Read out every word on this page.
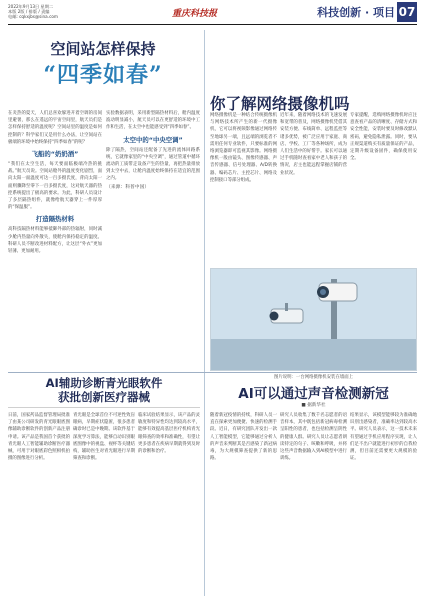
2022年9月13日 星期二
本版 2版 / 排版 / 责编
电邮: cqkxjbs@sina.com	重庆科技报	科技创新 · 项目 07
空间站怎样保持
“四季如春”

在炎热的夏天，人们总喜欢躲进开着空调的房间里避暑，那么在遥远的宇宙空间里，航天员们是怎样保持舒适的温度呢？空间站里的温度是如何控制的？科学家们又是用什么办法，让空间站在极端的环境中始终保持“四季如春”的呢？

飞船的“奶奶酒”

“我们在太空生活，每天要面临极端冷热的挑战。”航天员说。空间站舱外的温度变化剧烈，面向太阳一面温度可达一百多摄氏度，背向太阳一面则骤降至零下一百多摄氏度，这对航天器的热控系统提出了极高的要求。为此，科研人员设计了多层隔热组件，就像给航天器穿上一件厚厚的“保温服”。

打造隔热材料

高科技隔热材料能够抵御外部的热辐射，同时减少舱内热量向外散失，使舱内保持稳定的温度。科研人员不断改进材料配方，让这层“外衣”更加轻薄、更加耐用。

实验数据表明，采用新型隔热材料后，舱内温度波动明显减小，航天员可以在更舒适的环境中工作和生活，在太空中也能感受到“四季如春”。

太空中的“中央空调”

除了隔热，空间站还配备了先进的流体回路系统，它就像家里的“中央空调”，通过管道中循环流动的工质带走设备产生的热量，再把热量排放到太空中去，让舱内温度始终保持在适宜的范围之内。

（来源：科普中国）

你了解网络摄像机吗

网络摄像机是一种结合传统摄像机与网络技术所产生的新一代摄像机，它可以将视频影像通过网络传至地球另一端，且远端的浏览者不需用任何专业软件，只要标准的网络浏览器即可监视其影像。网络摄像机一般由镜头、图像传感器、声音传感器、信号处理器、A/D转换器、编码芯片、主控芯片、网络及控制接口等部分组成。

近年来，随着网络技术的飞速发展和宽带的普及，网络摄像机凭借其安装方便、布线简单、远程监控等诸多优势，被广泛应用于家庭、商店、学校、工厂等各种场所，成为人们生活中的好帮手。家长可以通过手机随时查看家中老人和孩子的情况，店主也能远程掌握店铺的营业状况。

专家提醒，选购网络摄像机时应注意查看产品的清晰度、存储方式和安全性能，安装时要及时修改默认密码，避免隐私泄露。同时，要从正规渠道购买有质量保证的产品，定期升级设备固件，确保使用安全。

图片说明：一台网络摄像机安装在墙面上
AI辅助诊断青光眼软件
获批创新医疗器械

日前，国家药品监督管理局批准了由某公司研发的青光眼眼底图像辅助诊断软件的创新产品注册申请。该产品是我国首个获批的青光眼人工智能辅助诊断医疗器械，可用于对眼底彩色照相机拍摄的图像进行分析。

青光眼是全球首位不可逆性致盲眼病，早期症状隐匿，很多患者确诊时已是中晚期。该软件基于深度学习算法，能够自动识别眼底图像中的视盘、视杯等关键结构，辅助医生对青光眼进行早期筛查和诊断。

临床试验结果显示，该产品的灵敏度和特异性均达到较高水平，能够有效提高基层医疗机构青光眼筛查的效率和准确性，有望让更多患者在疾病早期就得到及时的诊断和治疗。

AI可以通过声音检测新冠
■ 据新华社

随着新冠疫情的持续，科研人员一直在探索更加便捷、快速的检测手段。近日，有研究团队开发出一款人工智能模型，它能够通过分析人的声音来判断其是否感染了新冠病毒，为大规模筛查提供了新的思路。

研究人员收集了数千名志愿者的语音样本，其中既包括新冠病毒检测呈阳性的患者，也包括检测呈阴性的健康人群。研究人员让志愿者朗读特定的句子、咳嗽和呼吸，并将这些声音数据输入到AI模型中进行训练。

结果显示，该模型能够较为准确地识别出感染者，准确率达到较高水平。研究人员表示，这一技术未来有望通过手机应用程序实现，让人们足不出户就能进行初步的自我检测，但目前还需要更大规模的验证。
